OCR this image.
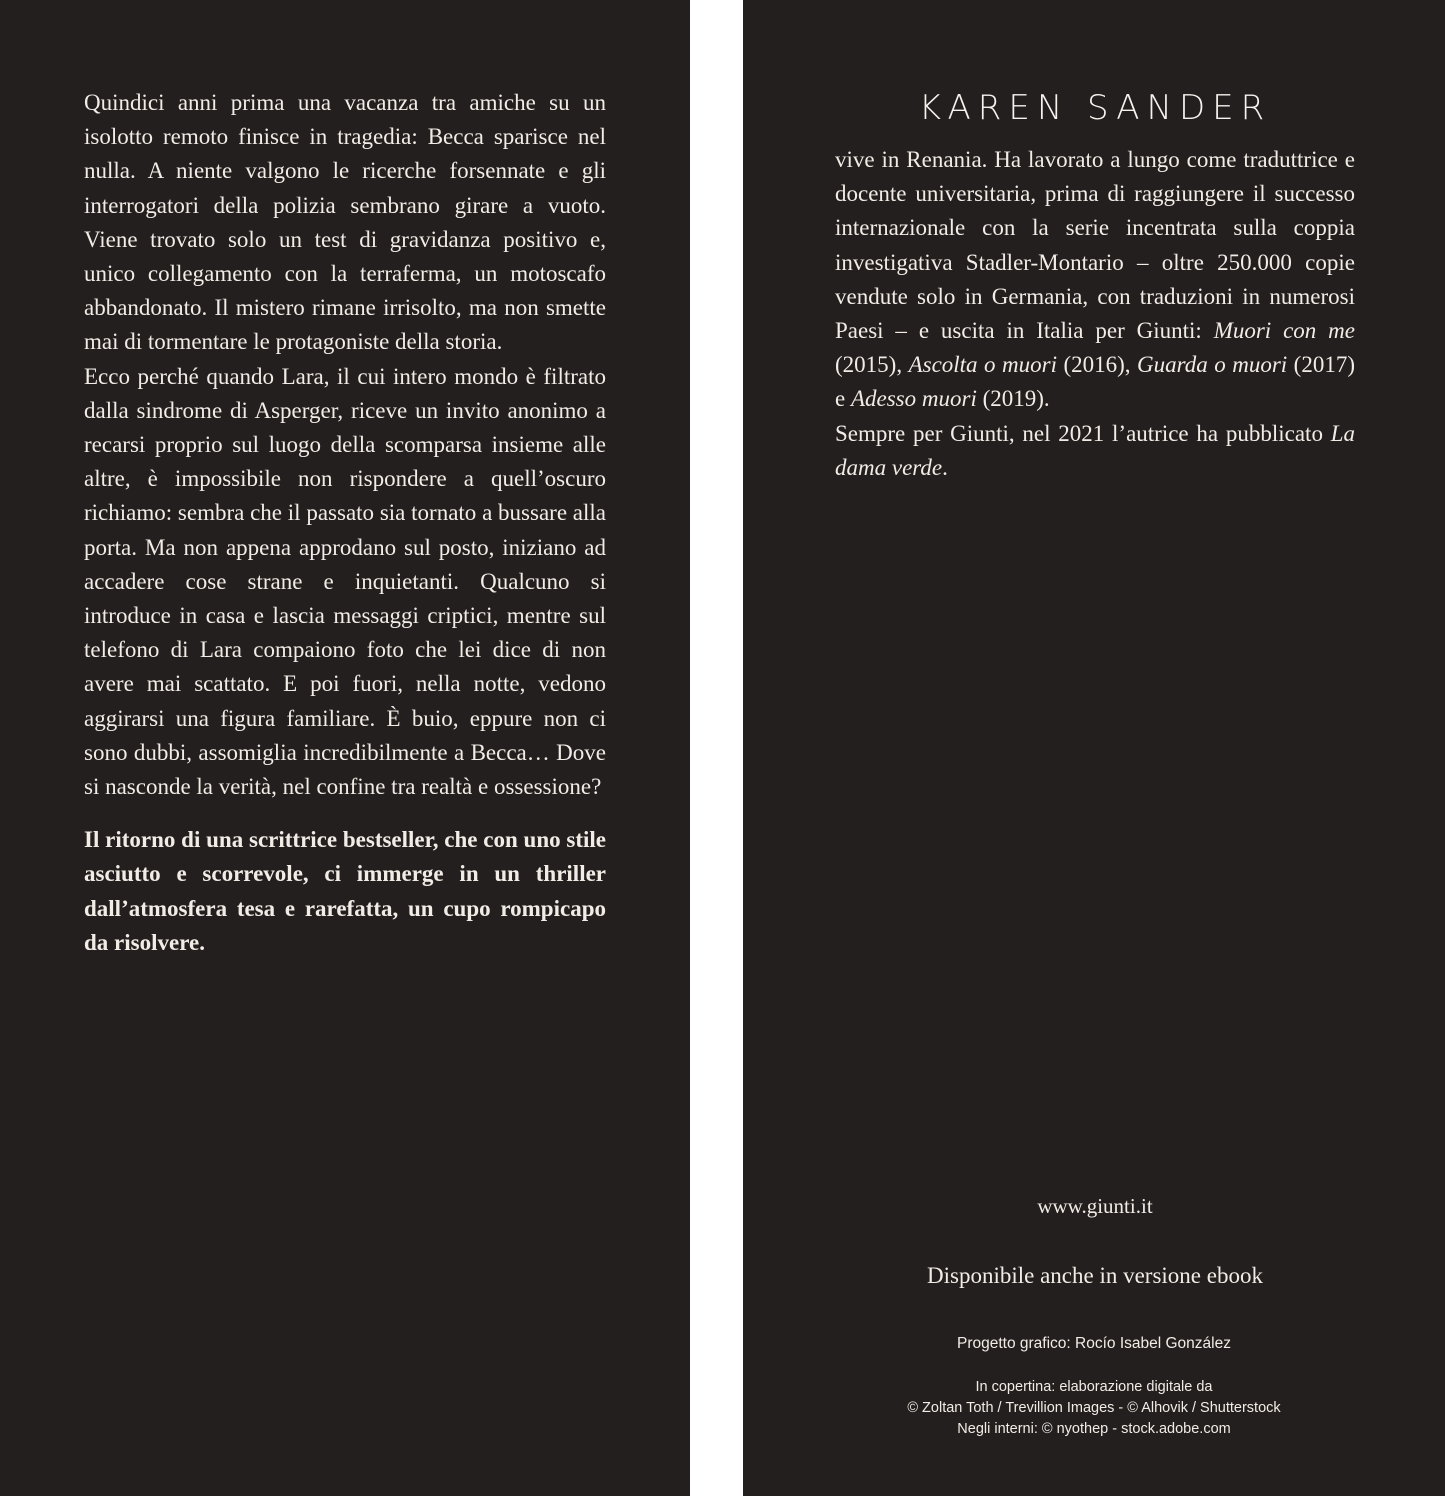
Quindici anni prima una vacanza tra amiche su un isolotto remoto finisce in tragedia: Becca sparisce nel nulla. A niente valgono le ricerche forsennate e gli interrogatori della polizia sembrano girare a vuoto. Viene trovato solo un test di gravidanza positivo e, unico collegamento con la terraferma, un motoscafo abbandonato. Il mistero rimane irrisolto, ma non smette mai di tormentare le protagoniste della storia.

Ecco perché quando Lara, il cui intero mondo è filtrato dalla sindrome di Asperger, riceve un invito anonimo a recarsi proprio sul luogo della scomparsa insieme alle altre, è impossibile non rispondere a quell’oscuro richiamo: sembra che il passato sia tornato a bussare alla porta. Ma non appena approdano sul posto, iniziano ad accadere cose strane e inquietanti. Qualcuno si introduce in casa e lascia messaggi criptici, mentre sul telefono di Lara compaiono foto che lei dice di non avere mai scattato. E poi fuori, nella notte, vedono aggirarsi una figura familiare. È buio, eppure non ci sono dubbi, assomiglia incredibilmente a Becca… Dove si nasconde la verità, nel confine tra realtà e ossessione?

Il ritorno di una scrittrice bestseller, che con uno stile asciutto e scorrevole, ci immerge in un thriller dall’atmosfera tesa e rarefatta, un cupo rompicapo da risolvere.

KAREN SANDER

vive in Renania. Ha lavorato a lungo come traduttrice e docente universitaria, prima di raggiungere il successo internazionale con la serie incentrata sulla coppia investigativa Stadler-Montario – oltre 250.000 copie vendute solo in Germania, con traduzioni in numerosi Paesi – e uscita in Italia per Giunti: Muori con me (2015), Ascolta o muori (2016), Guarda o muori (2017) e Adesso muori (2019).
Sempre per Giunti, nel 2021 l’autrice ha pubblicato La dama verde.

www.giunti.it
Disponibile anche in versione ebook
Progetto grafico: Rocío Isabel González
In copertina: elaborazione digitale da
© Zoltan Toth / Trevillion Images - © Alhovik / Shutterstock
Negli interni: © nyothep - stock.adobe.com
